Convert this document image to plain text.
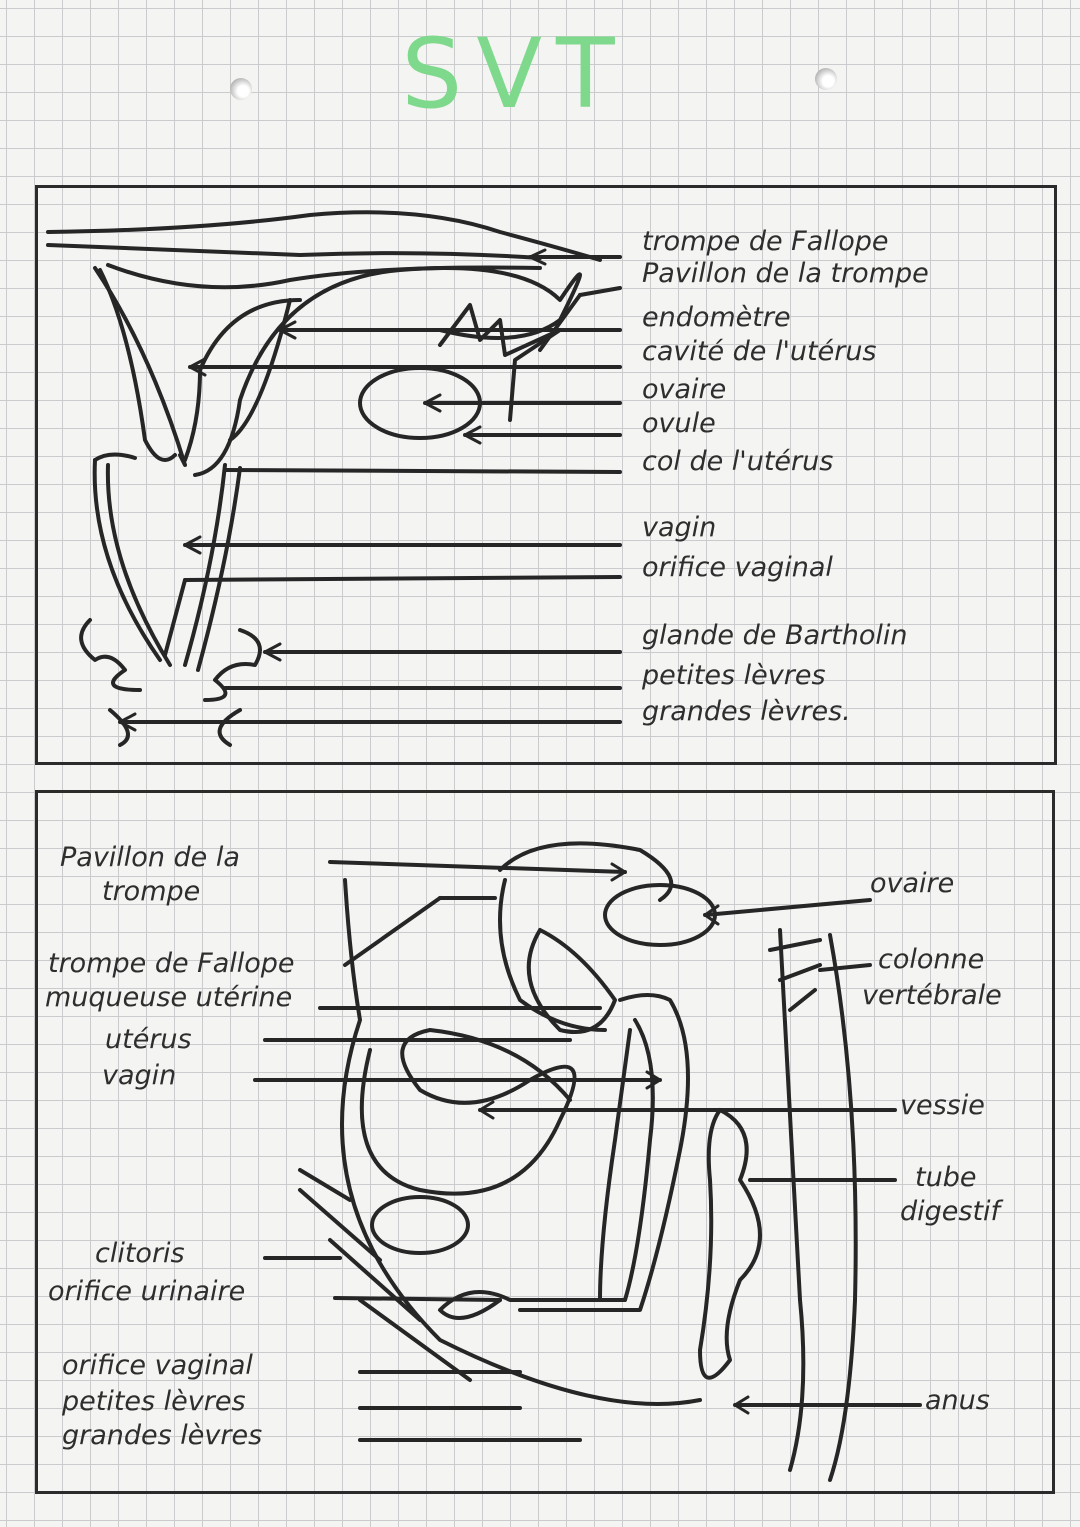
SVT
trompe de Fallope
Pavillon de la trompe
endomètre
cavité de l'utérus
ovaire
ovule
col de l'utérus
vagin
orifice vaginal
glande de Bartholin
petites lèvres
grandes lèvres.
Pavillon de la
trompe
trompe de Fallope
muqueuse utérine
utérus
vagin
clitoris
orifice urinaire
orifice vaginal
petites lèvres
grandes lèvres
ovaire
colonne
vertébrale
vessie
tube
digestif
anus
